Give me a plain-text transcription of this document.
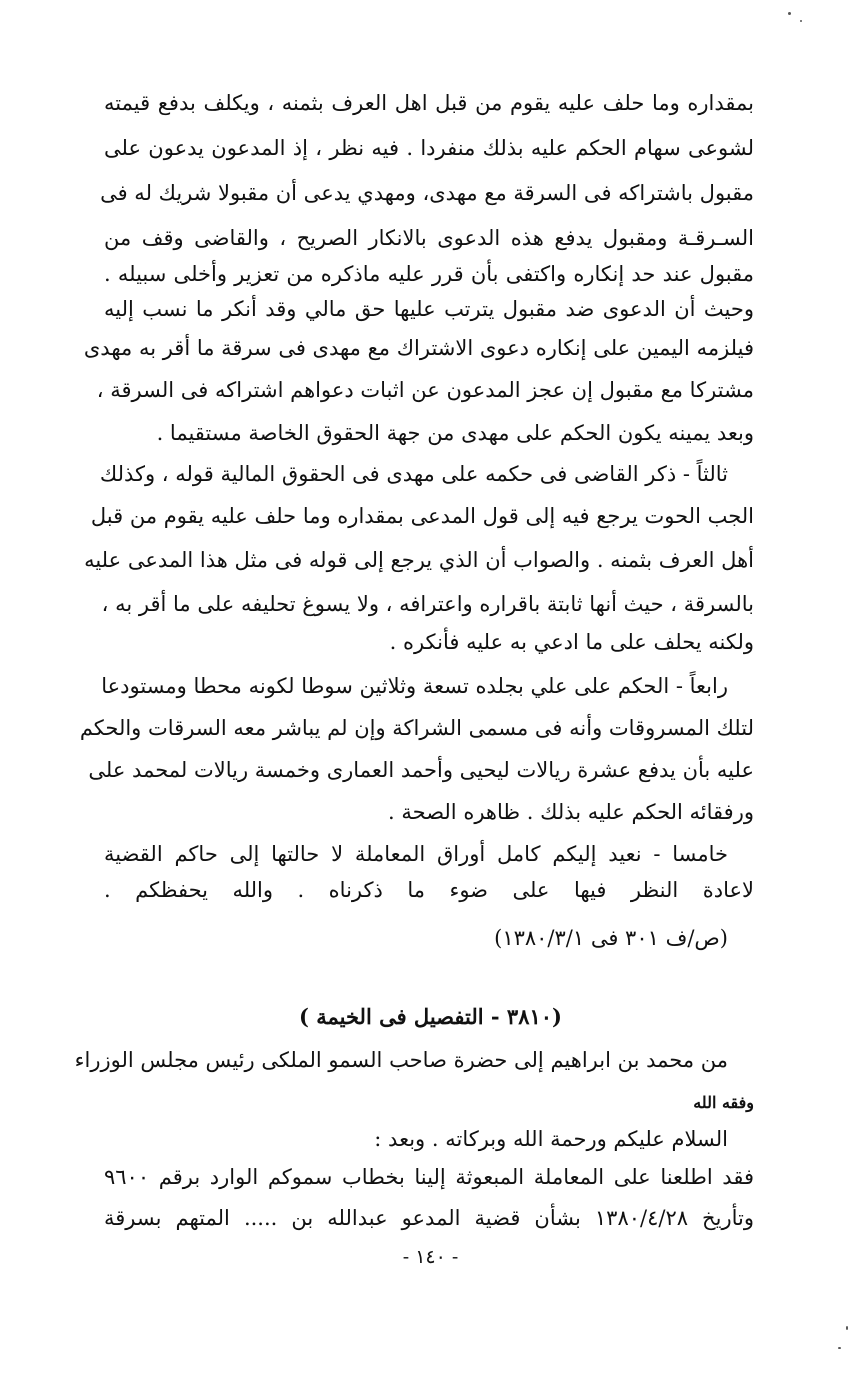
بمقداره وما حلف عليه يقوم من قبل اهل العرف بثمنه ، ويكلف بدفع قيمته
لشوعى سهام الحكم عليه بذلك منفردا . فيه نظر ، إذ المدعون يدعون على
مقبول باشتراكه فى السرقة مع مهدى، ومهدي يدعى أن مقبولا شريك له فى
السـرقـة ومقبول يدفع هذه الدعوى بالانكار الصريح ، والقاضى وقف من
مقبول عند حد إنكاره واكتفى بأن قرر عليه ماذكره من تعزير وأخلى سبيله .
وحيث أن الدعوى ضد مقبول يترتب عليها حق مالي وقد أنكر ما نسب إليه
فيلزمه اليمين على إنكاره دعوى الاشتراك مع مهدى فى سرقة ما أقر به مهدى
مشتركا مع مقبول إن عجز المدعون عن اثبات دعواهم اشتراكه فى السرقة ،
وبعد يمينه يكون الحكم على مهدى من جهة الحقوق الخاصة مستقيما .
ثالثاً - ذكر القاضى فى حكمه على مهدى فى الحقوق المالية قوله ، وكذلك
الجب الحوت يرجع فيه إلى قول المدعى بمقداره وما حلف عليه يقوم من قبل
أهل العرف بثمنه . والصواب أن الذي يرجع إلى قوله فى مثل هذا المدعى عليه
بالسرقة ، حيث أنها ثابتة باقراره واعترافه ، ولا يسوغ تحليفه على ما أقر به ،
ولكنه يحلف على ما ادعي به عليه فأنكره .
رابعاً - الحكم على علي بجلده تسعة وثلاثين سوطا لكونه محطا ومستودعا
لتلك المسروقات وأنه فى مسمى الشراكة وإن لم يباشر معه السرقات والحكم
عليه بأن يدفع عشرة ريالات ليحيى وأحمد العمارى وخمسة ريالات لمحمد على
ورفقائه الحكم عليه بذلك . ظاهره الصحة .
خامسا - نعيد إليكم كامل أوراق المعاملة لا حالتها إلى حاكم القضية
لاعادة النظر فيها على ضوء ما ذكرناه . والله يحفظكم .
(ص/ف ٣٠١ فى ١٣٨٠/٣/١)
(٣٨١٠ - التفصيل فى الخيمة )
من محمد بن ابراهيم إلى حضرة صاحب السمو الملكى رئيس مجلس الوزراء
وفقه الله
السلام عليكم ورحمة الله وبركاته . وبعد :
فقد اطلعنا على المعاملة المبعوثة إلينا بخطاب سموكم الوارد برقم ٩٦٠٠
وتأريخ ١٣٨٠/٤/٢٨ بشأن قضية المدعو عبدالله بن ..... المتهم بسرقة
- ١٤٠ -
